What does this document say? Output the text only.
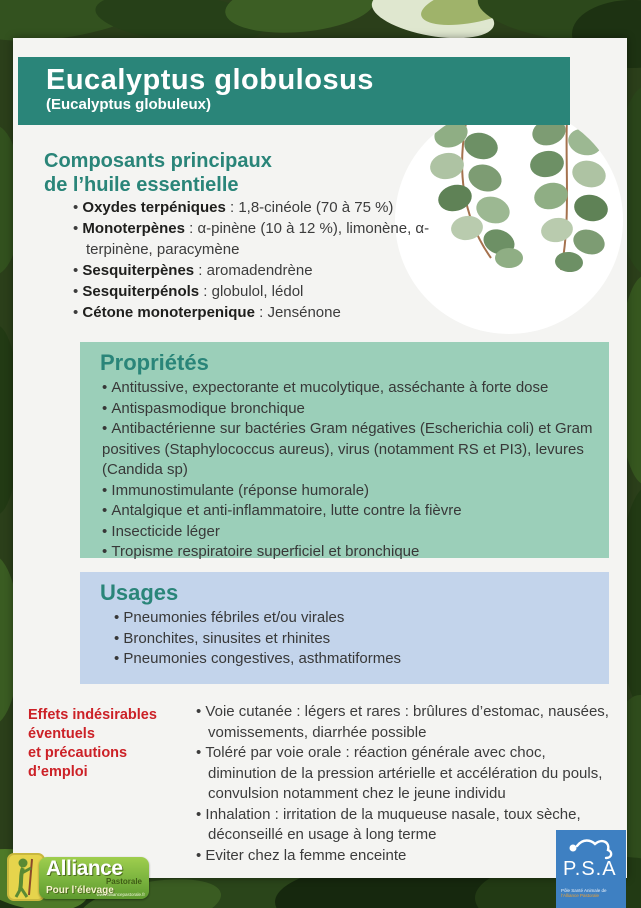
Eucalyptus globulosus
(Eucalyptus globuleux)
Composants principaux
de l’huile essentielle
• Oxydes terpéniques : 1,8-cinéole (70 à 75 %)
• Monoterpènes : α-pinène (10 à 12 %), limonène, α-terpinène, paracymène
• Sesquiterpènes : aromadendrène
• Sesquiterpénols : globulol, lédol
• Cétone monoterpenique : Jensénone
Propriétés
• Antitussive, expectorante et mucolytique, asséchante à forte dose
• Antispasmodique bronchique
• Antibactérienne sur bactéries Gram négatives (Escherichia coli) et Gram positives (Staphylococcus aureus), virus (notamment RS et PI3), levures (Candida sp)
• Immunostimulante (réponse humorale)
• Antalgique et anti-inflammatoire, lutte contre la fièvre
• Insecticide léger
• Tropisme respiratoire superficiel et bronchique
Usages
• Pneumonies fébriles et/ou virales
• Bronchites, sinusites et rhinites
• Pneumonies congestives, asthmatiformes
Effets indésirables
éventuels
et précautions
d’emploi
• Voie cutanée : légers et rares : brûlures d’estomac, nausées, vomissements, diarrhée possible
• Toléré par voie orale : réaction générale avec choc, diminution de la pression artérielle et accélération du pouls, convulsion notamment chez le jeune individu
• Inhalation : irritation de la muqueuse nasale, toux sèche, déconseillé en usage à long terme
• Eviter chez la femme enceinte
Alliance
Pastorale
Pour l’élevage
www.alliancepastorale.fr
P.S.A
Pôle Santé Animale de l’Alliance Pastorale
